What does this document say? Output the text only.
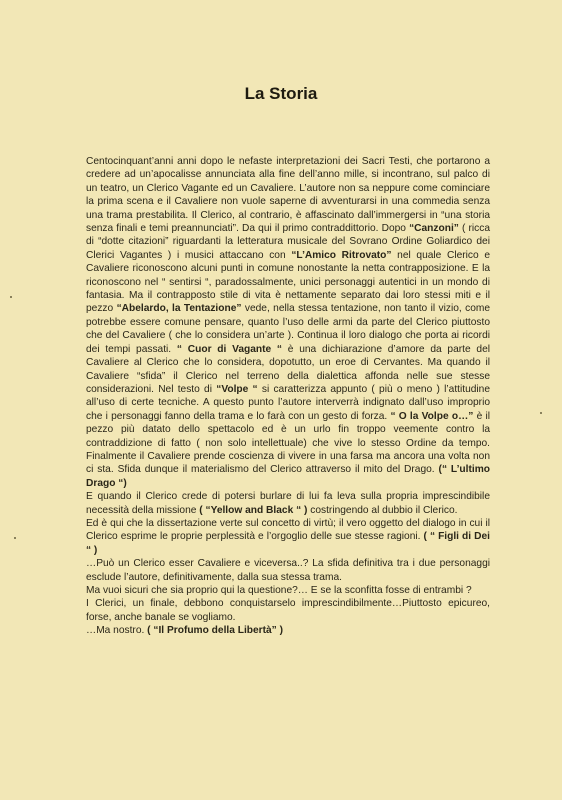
La Storia

Centocinquant’anni anni dopo le nefaste interpretazioni dei Sacri Testi, che portarono a credere ad un’apocalisse annunciata alla fine dell’anno mille, si incontrano, sul palco di un teatro, un Clerico Vagante ed un Cavaliere. L’autore non sa neppure come cominciare la prima scena e il Cavaliere non vuole saperne di avventurarsi in una commedia senza una trama prestabilita. Il Clerico, al contrario, è affascinato dall’immergersi in “una storia senza finali e temi preannunciati”. Da qui il primo contraddittorio. Dopo “Canzoni” ( ricca di “dotte citazioni” riguardanti la letteratura musicale del Sovrano Ordine Goliardico dei Clerici Vagantes ) i musici attaccano con “L’Amico Ritrovato” nel quale Clerico e Cavaliere riconoscono alcuni punti in comune nonostante la netta contrapposizione. E la riconoscono nel “ sentirsi “, paradossalmente, unici personaggi autentici in un mondo di fantasia. Ma il contrapposto stile di vita è nettamente separato dai loro stessi miti e il pezzo “Abelardo, la Tentazione” vede, nella stessa tentazione, non tanto il vizio, come potrebbe essere comune pensare, quanto l’uso delle armi da parte del Clerico piuttosto che del Cavaliere ( che lo considera un’arte ). Continua il loro dialogo che porta ai ricordi dei tempi passati. “ Cuor di Vagante “ è una dichiarazione d’amore da parte del Cavaliere al Clerico che lo considera, dopotutto, un eroe di Cervantes. Ma quando il Cavaliere “sfida” il Clerico nel terreno della dialettica affonda nelle sue stesse considerazioni. Nel testo di “Volpe “ si caratterizza appunto ( più o meno ) l’attitudine all’uso di certe tecniche. A questo punto l’autore interverrà indignato dall’uso improprio che i personaggi fanno della trama e lo farà con un gesto di forza. “ O la Volpe o…” è il pezzo più datato dello spettacolo ed è un urlo fin troppo veemente contro la contraddizione di fatto ( non solo intellettuale) che vive lo stesso Ordine da tempo. Finalmente il Cavaliere prende coscienza di vivere in una farsa ma ancora una volta non ci sta. Sfida dunque il materialismo del Clerico attraverso il mito del Drago. (“ L’ultimo Drago “)

E quando il Clerico crede di potersi burlare di lui fa leva sulla propria imprescindibile necessità della missione ( “Yellow and Black “ ) costringendo al dubbio il Clerico.

Ed è qui che la dissertazione verte sul concetto di virtù; il vero oggetto del dialogo in cui il Clerico esprime le proprie perplessità e l’orgoglio delle sue stesse ragioni. ( “ Figli di Dei “ )

…Può un Clerico esser Cavaliere e viceversa..? La sfida definitiva tra i due personaggi esclude l’autore, definitivamente, dalla sua stessa trama.

Ma vuoi sicuri che sia proprio qui la questione?… E se la sconfitta fosse di entrambi ?

I Clerici, un finale, debbono conquistarselo imprescindibilmente…Piuttosto epicureo, forse, anche banale se vogliamo.

…Ma nostro. ( “Il Profumo della Libertà” )
